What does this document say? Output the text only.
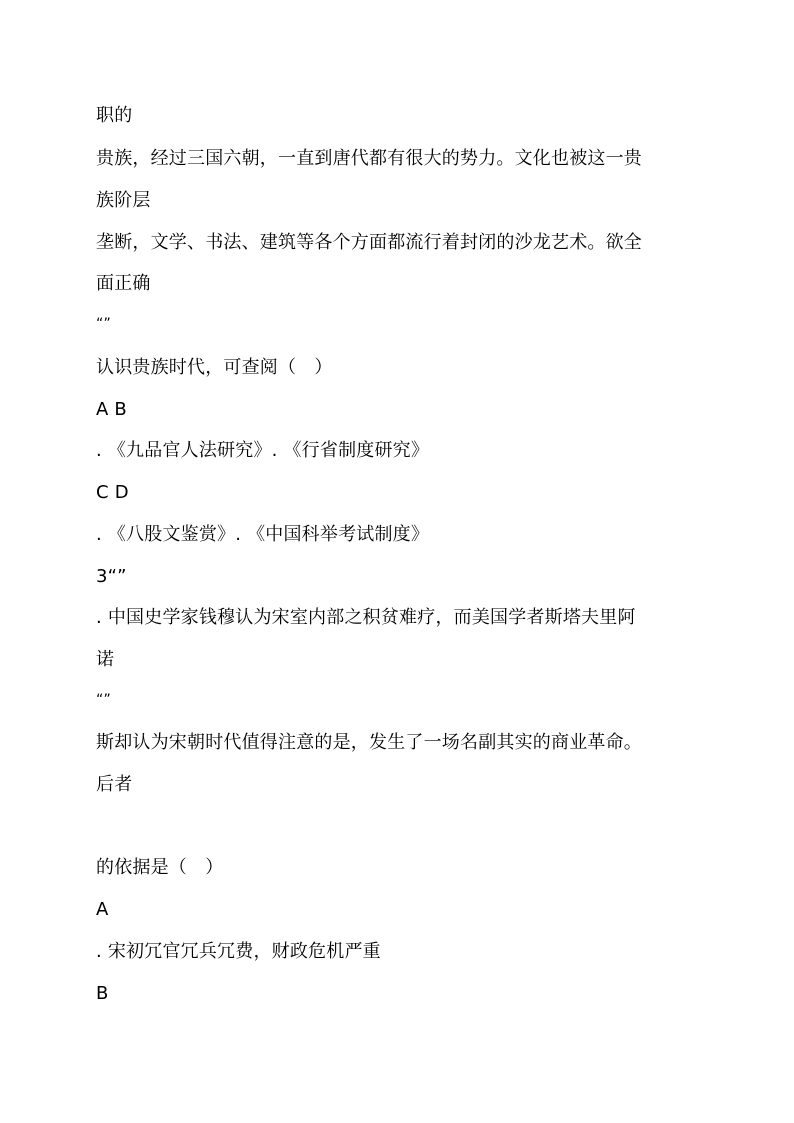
职的
贵族，经过三国六朝，一直到唐代都有很大的势力。文化也被这一贵
族阶层
垄断，文学、书法、建筑等各个方面都流行着封闭的沙龙艺术。欲全
面正确
“”
认识贵族时代，可查阅（　）
A B
. 《九品官人法研究》. 《行省制度研究》
C D
. 《八股文鉴赏》. 《中国科举考试制度》
3“”
. 中国史学家钱穆认为宋室内部之积贫难疗，而美国学者斯塔夫里阿
诺
“”
斯却认为宋朝时代值得注意的是，发生了一场名副其实的商业革命。
后者
的依据是（　）
A
. 宋初冗官冗兵冗费，财政危机严重
B
